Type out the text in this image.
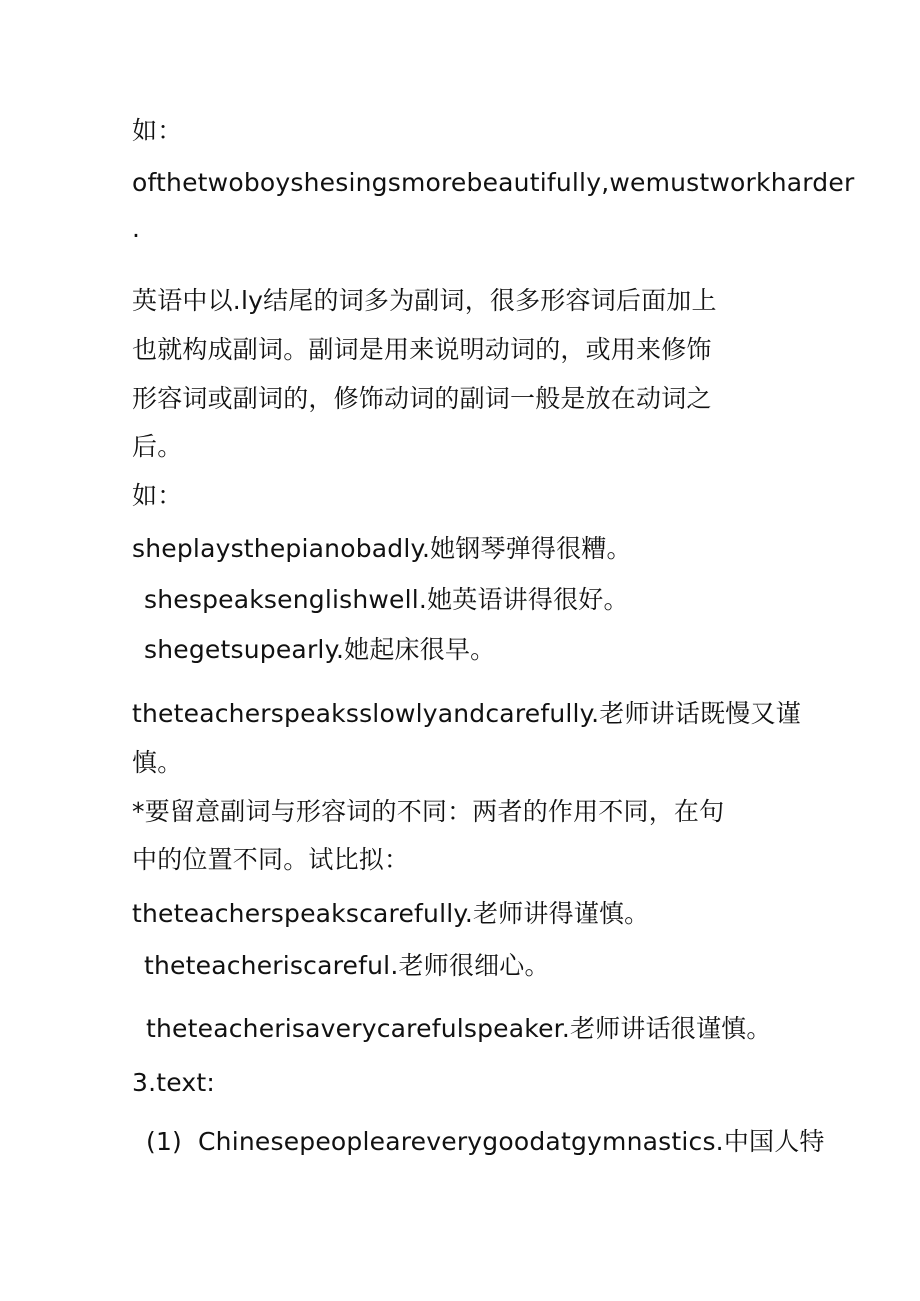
如：
ofthetwoboyshesingsmorebeautifully,wemustworkharder
.
英语中以.ly结尾的词多为副词，很多形容词后面加上
也就构成副词。副词是用来说明动词的，或用来修饰
形容词或副词的，修饰动词的副词一般是放在动词之
后。
如：
sheplaysthepianobadly.她钢琴弹得很糟。
shespeaksenglishwell.她英语讲得很好。
shegetsupearly.她起床很早。
theteacherspeaksslowlyandcarefully.老师讲话既慢又谨
慎。
*要留意副词与形容词的不同：两者的作用不同，在句
中的位置不同。试比拟：
theteacherspeakscarefully.老师讲得谨慎。
theteacheriscareful.老师很细心。
theteacherisaverycarefulspeaker.老师讲话很谨慎。
3.text:
(1) Chinesepeopleareverygoodatgymnastics.中国人特
